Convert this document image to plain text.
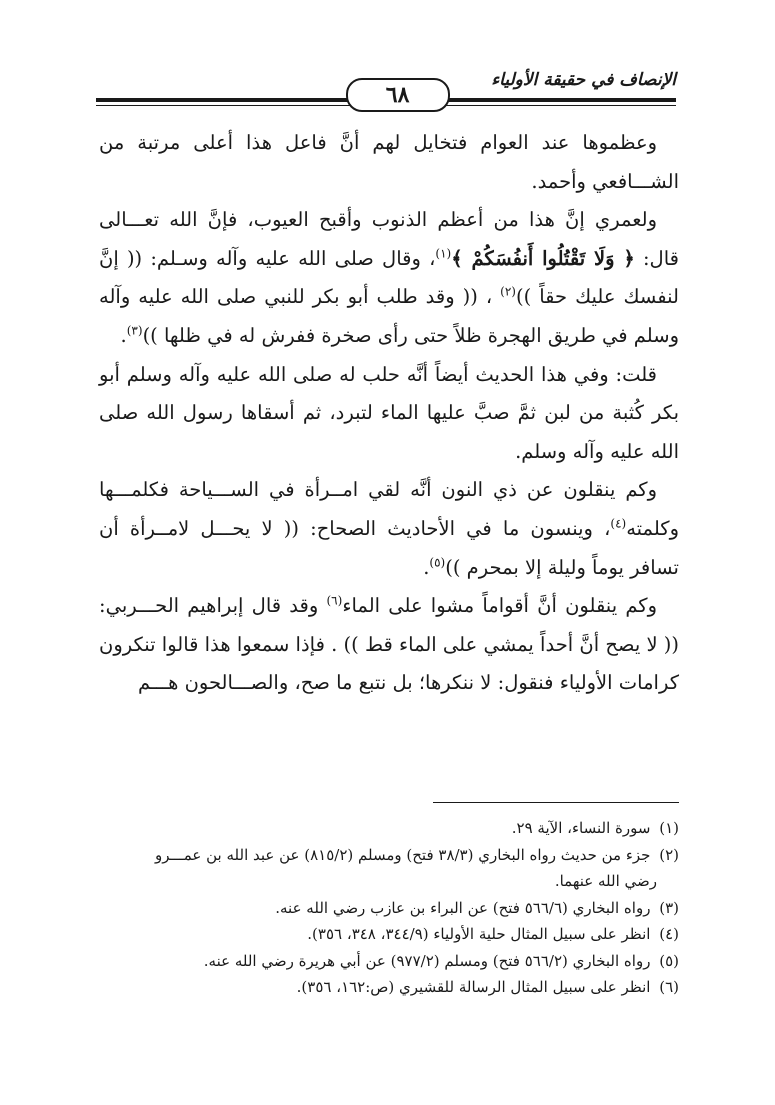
الإنصاف في حقيقة الأولياء
٦٨

وعظموها عند العوام فتخايل لهم أنَّ فاعل هذا أعلى مرتبة من الشـــافعي وأحمد.

ولعمري إنَّ هذا من أعظم الذنوب وأقبح العيوب، فإنَّ الله تعـــالى قال: ﴿ وَلَا تَقْتُلُوا أَنفُسَكُمْ ﴾$^{(١)}$، وقال صلى الله عليه وآله وسـلم: (( إنَّ لنفسك عليك حقاً ))$^{(٢)}$ ، (( وقد طلب أبو بكر للنبي صلى الله عليه وآله وسلم في طريق الهجرة ظلاً حتى رأى صخرة ففرش له في ظلها ))$^{(٣)}$.

قلت: وفي هذا الحديث أيضاً أنَّه حلب له صلى الله عليه وآله وسلم أبو بكر كُثبة من لبن ثمَّ صبَّ عليها الماء لتبرد، ثم أسقاها رسول الله صلى الله عليه وآله وسلم.

وكم ينقلون عن ذي النون أنَّه لقي امــرأة في الســـياحة فكلمـــها وكلمته$^{(٤)}$، وينسون ما في الأحاديث الصحاح: (( لا يحـــل لامــرأة أن تسافر يوماً وليلة إلا بمحرم ))$^{(٥)}$.

وكم ينقلون أنَّ أقواماً مشوا على الماء$^{(٦)}$ وقد قال إبراهيم الحـــربي: (( لا يصح أنَّ أحداً يمشي على الماء قط )) . فإذا سمعوا هذا قالوا تنكرون كرامات الأولياء فنقول: لا ننكرها؛ بل نتبع ما صح، والصـــالحون هـــم

(١) سورة النساء، الآية ٢٩.
(٢) جزء من حديث رواه البخاري (٣٨/٣ فتح) ومسلم (٨١٥/٢) عن عبد الله بن عمـــرو
رضي الله عنهما.
(٣) رواه البخاري (٥٦٦/٦ فتح) عن البراء بن عازب رضي الله عنه.
(٤) انظر على سبيل المثال حلية الأولياء (٣٤٤/٩، ٣٤٨، ٣٥٦).
(٥) رواه البخاري (٥٦٦/٢ فتح) ومسلم (٩٧٧/٢) عن أبي هريرة رضي الله عنه.
(٦) انظر على سبيل المثال الرسالة للقشيري (ص:١٦٢، ٣٥٦).
